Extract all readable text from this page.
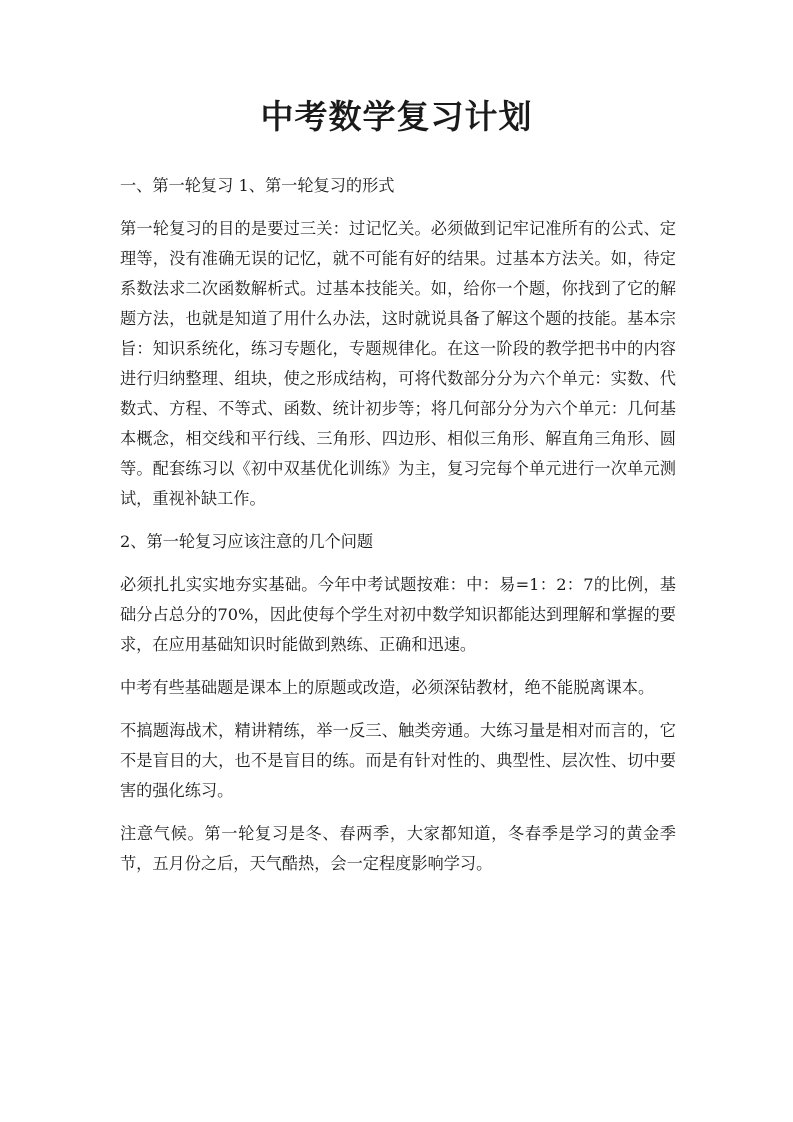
中考数学复习计划

一、第一轮复习 1、第一轮复习的形式

第一轮复习的目的是要过三关：过记忆关。必须做到记牢记准所有的公式、定理等，没有准确无误的记忆，就不可能有好的结果。过基本方法关。如，待定系数法求二次函数解析式。过基本技能关。如，给你一个题，你找到了它的解题方法，也就是知道了用什么办法，这时就说具备了解这个题的技能。基本宗旨：知识系统化，练习专题化，专题规律化。在这一阶段的教学把书中的内容进行归纳整理、组块，使之形成结构，可将代数部分分为六个单元：实数、代数式、方程、不等式、函数、统计初步等；将几何部分分为六个单元：几何基本概念，相交线和平行线、三角形、四边形、相似三角形、解直角三角形、圆等。配套练习以《初中双基优化训练》为主，复习完每个单元进行一次单元测试，重视补缺工作。

2、第一轮复习应该注意的几个问题

必须扎扎实实地夯实基础。今年中考试题按难：中：易=1：2：7的比例，基础分占总分的70%，因此使每个学生对初中数学知识都能达到理解和掌握的要求，在应用基础知识时能做到熟练、正确和迅速。

中考有些基础题是课本上的原题或改造，必须深钻教材，绝不能脱离课本。

不搞题海战术，精讲精练，举一反三、触类旁通。大练习量是相对而言的，它不是盲目的大，也不是盲目的练。而是有针对性的、典型性、层次性、切中要害的强化练习。

注意气候。第一轮复习是冬、春两季，大家都知道，冬春季是学习的黄金季节，五月份之后，天气酷热，会一定程度影响学习。
